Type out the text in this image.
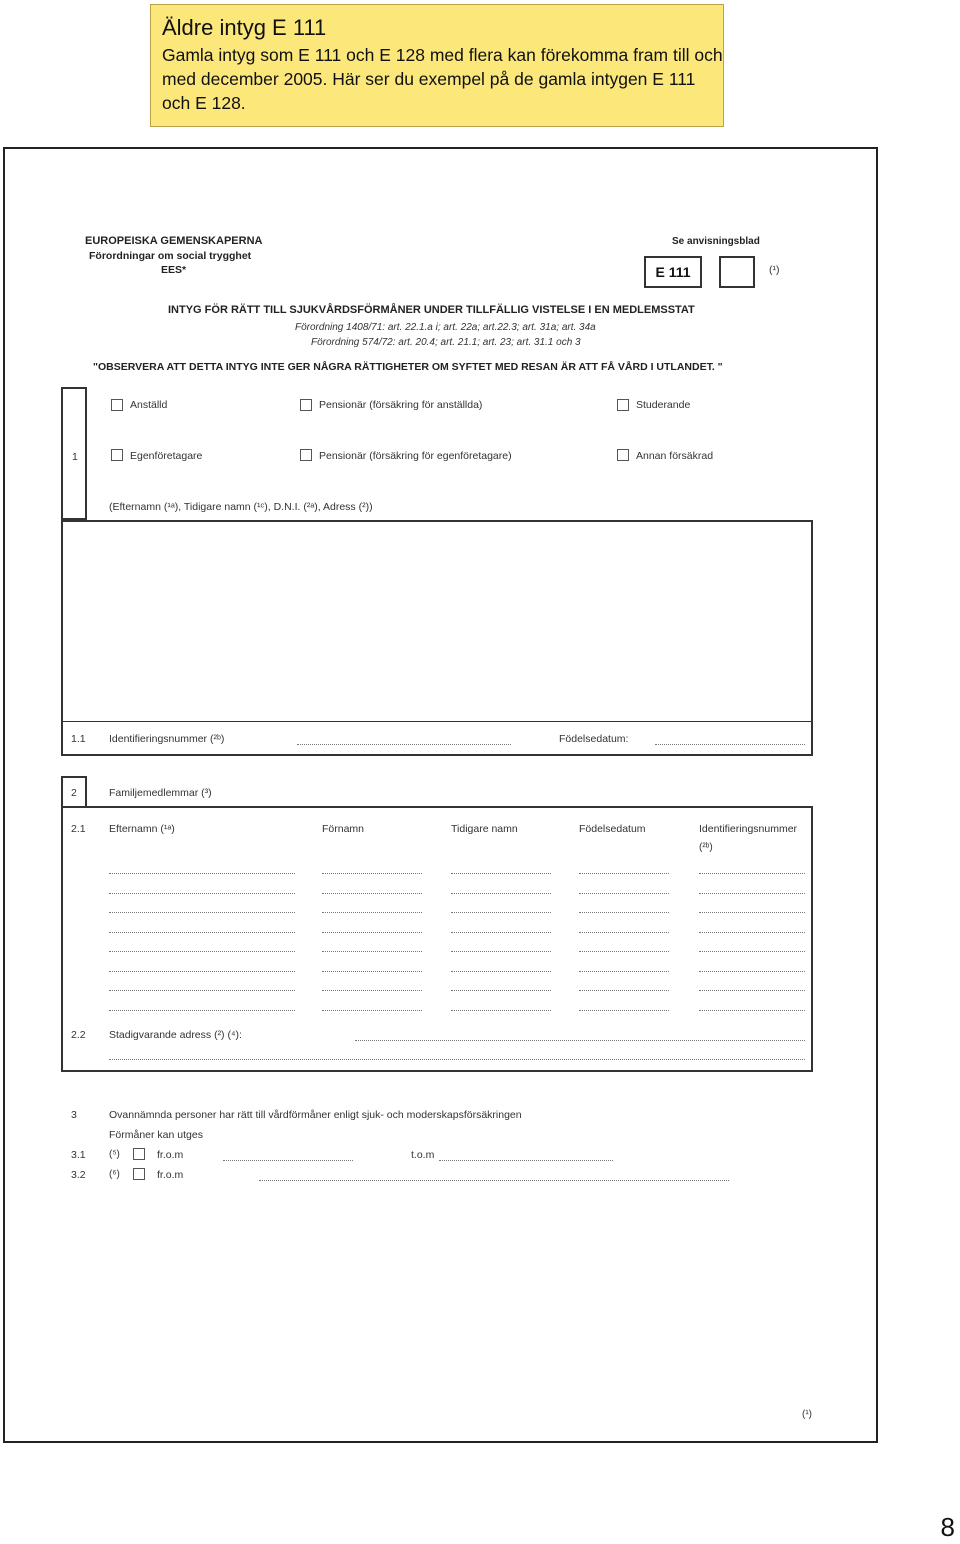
Äldre intyg E 111
Gamla intyg som E 111 och E 128 med flera kan förekomma fram till och med december 2005. Här ser du exempel på de gamla intygen E 111 och E 128.
EUROPEISKA GEMENSKAPERNA
Förordningar om social trygghet
EES*
Se anvisningsblad
E 111	(¹)
INTYG FÖR RÄTT TILL SJUKVÅRDSFÖRMÅNER UNDER TILLFÄLLIG VISTELSE I EN MEDLEMSSTAT
Förordning 1408/71: art. 22.1.a i; art. 22a; art.22.3; art. 31a; art. 34a
Förordning 574/72: art. 20.4; art. 21.1; art. 23; art. 31.1 och 3
"OBSERVERA ATT DETTA INTYG INTE GER NÅGRA RÄTTIGHETER OM SYFTET MED RESAN ÄR ATT FÅ VÅRD I UTLANDET. "
1
Anställd	Pensionär (försäkring för anställda)	Studerande
Egenföretagare	Pensionär (försäkring för egenföretagare)	Annan försäkrad
(Efternamn (¹ᵃ), Tidigare namn (¹ᶜ), D.N.I. (²ᵃ), Adress (²))
1.1 Identifieringsnummer (²ᵇ)	Födelsedatum:
2	Familjemedlemmar (³)
2.1 Efternamn (¹ᵃ)	Förnamn	Tidigare namn	Födelsedatum	Identifieringsnummer
(²ᵇ)
2.2 Stadigvarande adress (²) (⁴):
3	Ovannämnda personer har rätt till vårdförmåner enligt sjuk- och moderskapsförsäkringen
Förmåner kan utges
3.1 (⁵)	fr.o.m	t.o.m
3.2 (⁶)	fr.o.m
(¹)
8
